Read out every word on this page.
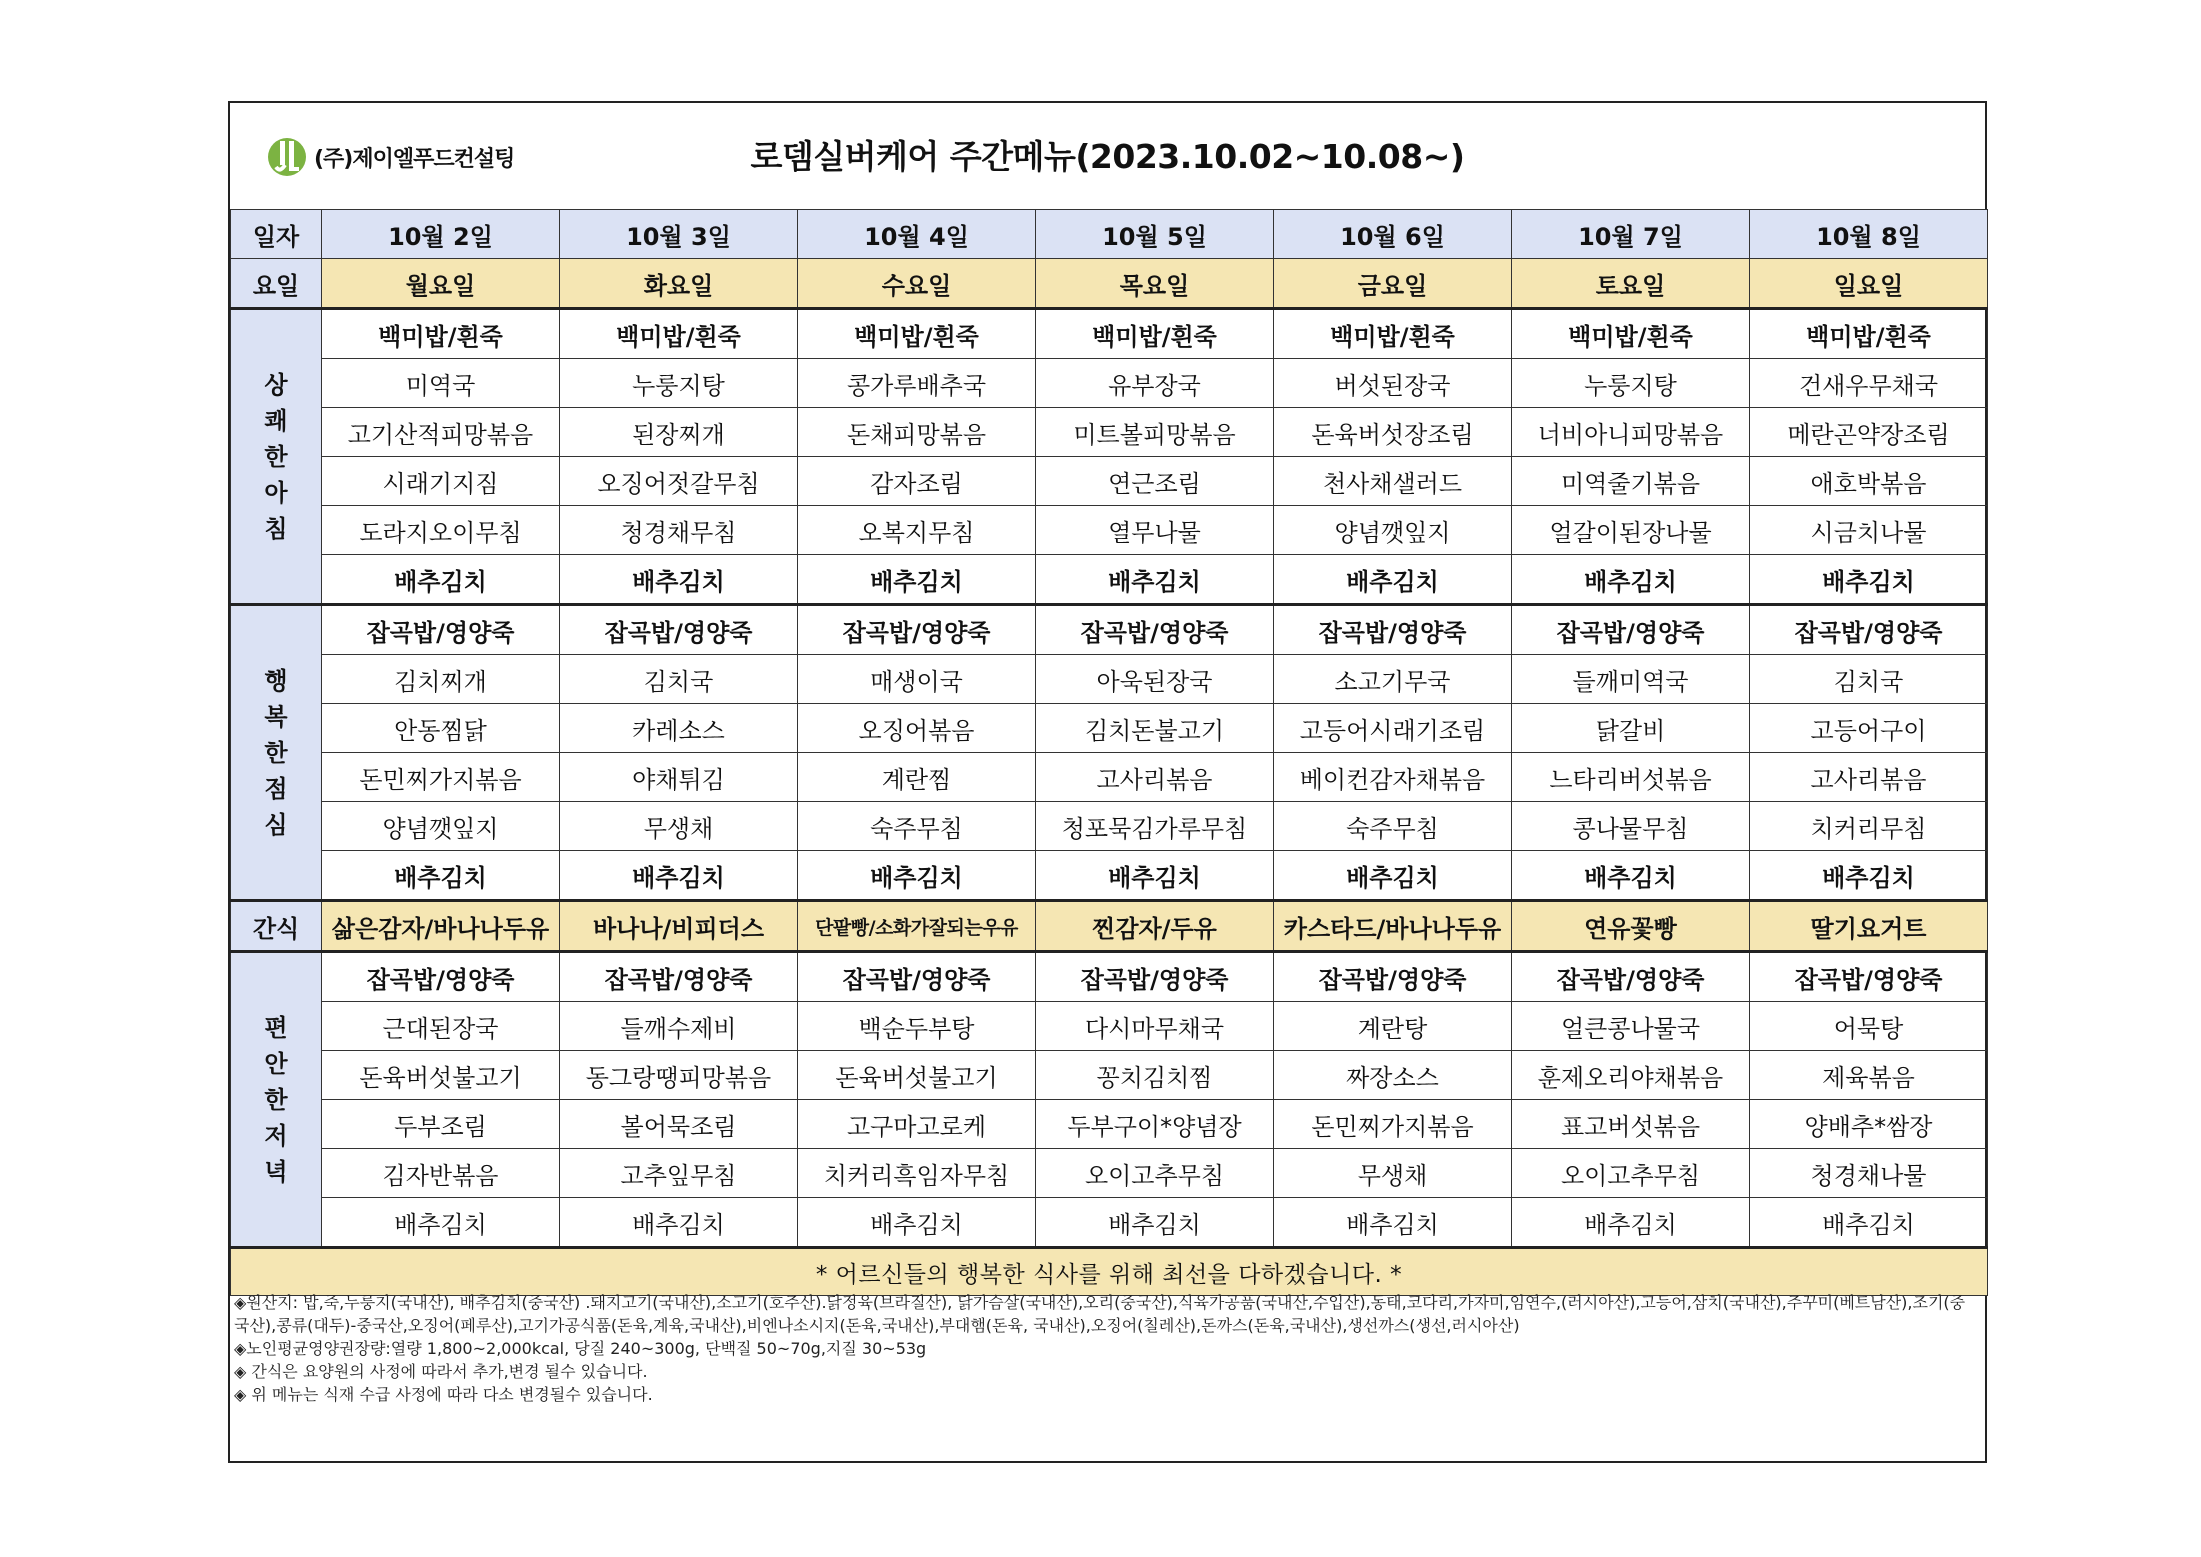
(주)제이엘푸드컨설팅	로뎀실버케어 주간메뉴(2023.10.02~10.08~)
일자	10월 2일	10월 3일	10월 4일	10월 5일	10월 6일	10월 7일	10월 8일
요일	월요일	화요일	수요일	목요일	금요일	토요일	일요일

상
쾌
한
아
침	백미밥/흰죽	백미밥/흰죽	백미밥/흰죽	백미밥/흰죽	백미밥/흰죽	백미밥/흰죽	백미밥/흰죽
	미역국	누룽지탕	콩가루배추국	유부장국	버섯된장국	누룽지탕	건새우무채국
	고기산적피망볶음	된장찌개	돈채피망볶음	미트볼피망볶음	돈육버섯장조림	너비아니피망볶음	메란곤약장조림
	시래기지짐	오징어젓갈무침	감자조림	연근조림	천사채샐러드	미역줄기볶음	애호박볶음
	도라지오이무침	청경채무침	오복지무침	열무나물	양념깻잎지	얼갈이된장나물	시금치나물
	배추김치	배추김치	배추김치	배추김치	배추김치	배추김치	배추김치

행
복
한
점
심	잡곡밥/영양죽	잡곡밥/영양죽	잡곡밥/영양죽	잡곡밥/영양죽	잡곡밥/영양죽	잡곡밥/영양죽	잡곡밥/영양죽
	김치찌개	김치국	매생이국	아욱된장국	소고기무국	들깨미역국	김치국
	안동찜닭	카레소스	오징어볶음	김치돈불고기	고등어시래기조림	닭갈비	고등어구이
	돈민찌가지볶음	야채튀김	계란찜	고사리볶음	베이컨감자채볶음	느타리버섯볶음	고사리볶음
	양념깻잎지	무생채	숙주무침	청포묵김가루무침	숙주무침	콩나물무침	치커리무침
	배추김치	배추김치	배추김치	배추김치	배추김치	배추김치	배추김치
간식	삶은감자/바나나두유	바나나/비피더스	단팥빵/소화가잘되는우유	찐감자/두유	카스타드/바나나두유	연유꽃빵	딸기요거트

편
안
한
저
녁	잡곡밥/영양죽	잡곡밥/영양죽	잡곡밥/영양죽	잡곡밥/영양죽	잡곡밥/영양죽	잡곡밥/영양죽	잡곡밥/영양죽
	근대된장국	들깨수제비	백순두부탕	다시마무채국	계란탕	얼큰콩나물국	어묵탕
	돈육버섯불고기	동그랑땡피망볶음	돈육버섯불고기	꽁치김치찜	짜장소스	훈제오리야채볶음	제육볶음
	두부조림	볼어묵조림	고구마고로케	두부구이*양념장	돈민찌가지볶음	표고버섯볶음	양배추*쌈장
	김자반볶음	고추잎무침	치커리흑임자무침	오이고추무침	무생채	오이고추무침	청경채나물
	배추김치	배추김치	배추김치	배추김치	배추김치	배추김치	배추김치
* 어르신들의 행복한 식사를 위해 최선을 다하겠습니다. *							

◈원산지: 밥,죽,누룽지(국내산), 배추김치(중국산) .돼지고기(국내산),소고기(호주산).닭정육(브라질산), 닭가슴살(국내산),오리(중국산),식육가공품(국내산,수입산),동태,코다리,가자미,임연수,(러시아산),고등어,삼치(국내산),주꾸미(베트남산),조기(중국산),콩류(대두)-중국산,오징어(페루산),고기가공식품(돈육,계육,국내산),비엔나소시지(돈육,국내산),부대햄(돈육, 국내산),오징어(칠레산),돈까스(돈육,국내산),생선까스(생선,러시아산)

◈노인평균영양권장량:열량 1,800~2,000kcal, 당질 240~300g, 단백질 50~70g,지질 30~53g

◈ 간식은 요양원의 사정에 따라서 추가,변경 될수 있습니다.

◈ 위 메뉴는 식재 수급 사정에 따라 다소 변경될수 있습니다.
